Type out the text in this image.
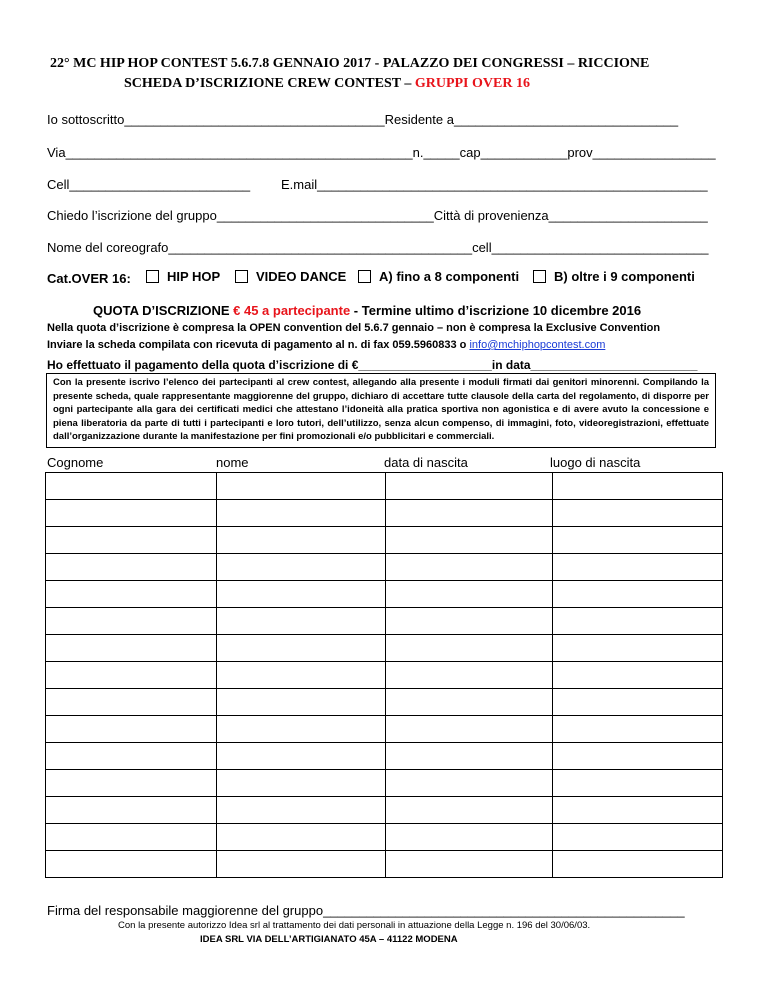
22° MC HIP HOP CONTEST 5.6.7.8 GENNAIO 2017 - PALAZZO DEI CONGRESSI – RICCIONE
SCHEDA D’ISCRIZIONE CREW CONTEST – GRUPPI OVER 16
Io sottoscritto____________________________________Residente a_______________________________
Via________________________________________________n._____cap____________prov_________________
Cell_________________________ E.mail______________________________________________________
Chiedo l’iscrizione del gruppo______________________________Città di provenienza______________________
Nome del coreografo__________________________________________cell______________________________
Cat.OVER 16:	HIP HOP	VIDEO DANCE	A) fino a 8 componenti	B) oltre i 9 componenti
QUOTA D’ISCRIZIONE € 45 a partecipante - Termine ultimo d’iscrizione 10 dicembre 2016
Nella quota d’iscrizione è compresa la OPEN convention del 5.6.7 gennaio – non è compresa la Exclusive Convention
Inviare la scheda compilata con ricevuta di pagamento al n. di fax 059.5960833 o info@mchiphopcontest.com
Ho effettuato il pagamento della quota d’iscrizione di €____________________in data_________________________
Con la presente iscrivo l’elenco dei partecipanti al crew contest, allegando alla presente i moduli firmati dai genitori minorenni. Compilando la presente scheda, quale rappresentante maggiorenne del gruppo, dichiaro di accettare tutte clausole della carta del regolamento, di disporre per ogni partecipante alla gara dei certificati medici che attestano l’idoneità alla pratica sportiva non agonistica e di avere avuto la concessione e piena liberatoria da parte di tutti i partecipanti e loro tutori, dell’utilizzo, senza alcun compenso, di immagini, foto, videoregistrazioni, effettuate dall’organizzazione durante la manifestazione per fini promozionali e/o pubblicitari e commerciali.
Cognome	nome	data di nascita	luogo di nascita

Firma del responsabile maggiorenne del gruppo__________________________________________________
Con la presente autorizzo Idea srl al trattamento dei dati personali in attuazione della Legge n. 196 del 30/06/03.
IDEA SRL VIA DELL’ARTIGIANATO 45A – 41122 MODENA
